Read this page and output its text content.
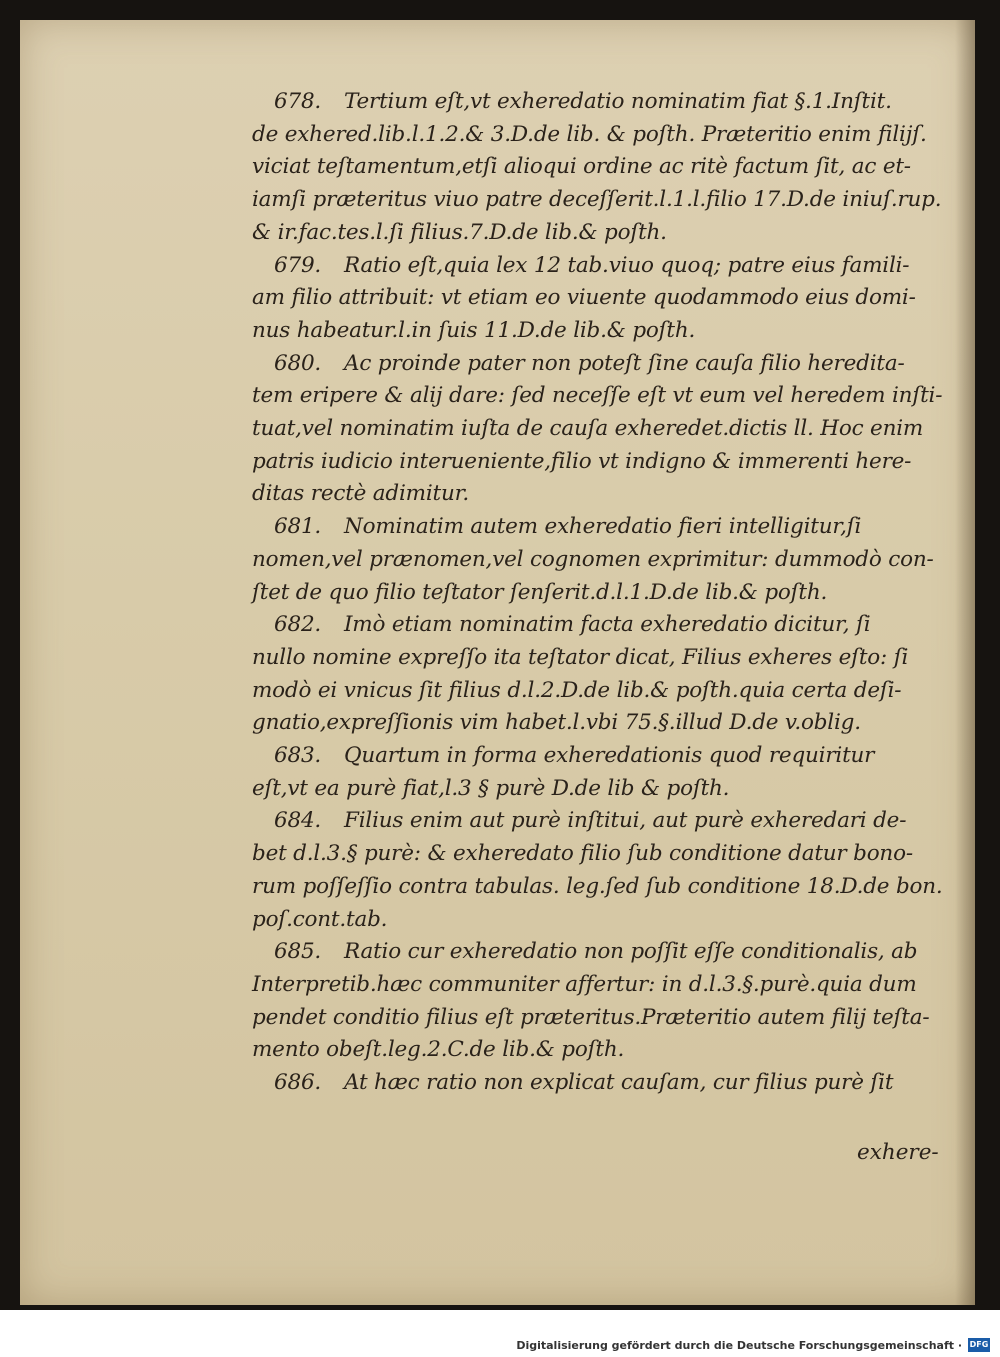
678. Tertium eſt,vt exheredatio nominatim fiat §.1.Inſtit.
de exhered.lib.l.1.2.& 3.D.de lib. & poſth. Præteritio enim filijſ.
viciat teſtamentum,etſi alioqui ordine ac ritè factum ſit, ac et-
iamſi præteritus viuo patre deceſſerit.l.1.l.filio 17.D.de iniuſ.rup.
& ir.fac.tes.l.ſi filius.7.D.de lib.& poſth.
679. Ratio eſt,quia lex 12 tab.viuo quoq; patre eius famili-
am filio attribuit: vt etiam eo viuente quodammodo eius domi-
nus habeatur.l.in ſuis 11.D.de lib.& poſth.
680. Ac proinde pater non poteſt ſine cauſa filio heredita-
tem eripere & alij dare: ſed neceſſe eſt vt eum vel heredem inſti-
tuat,vel nominatim iuſta de cauſa exheredet.dictis ll. Hoc enim
patris iudicio interueniente,filio vt indigno & immerenti here-
ditas rectè adimitur.
681. Nominatim autem exheredatio fieri intelligitur,ſi
nomen,vel prænomen,vel cognomen exprimitur: dummodò con-
ſtet de quo filio teſtator ſenſerit.d.l.1.D.de lib.& poſth.
682. Imò etiam nominatim facta exheredatio dicitur, ſi
nullo nomine expreſſo ita teſtator dicat, Filius exheres eſto: ſi
modò ei vnicus ſit filius d.l.2.D.de lib.& poſth.quia certa deſi-
gnatio,expreſſionis vim habet.l.vbi 75.§.illud D.de v.oblig.
683. Quartum in forma exheredationis quod requiritur
eſt,vt ea purè fiat,l.3 § purè D.de lib & poſth.
684. Filius enim aut purè inſtitui, aut purè exheredari de-
bet d.l.3.§ purè: & exheredato filio ſub conditione datur bono-
rum poſſeſſio contra tabulas. leg.ſed ſub conditione 18.D.de bon.
poſ.cont.tab.
685. Ratio cur exheredatio non poſſit eſſe conditionalis, ab
Interpretib.hæc communiter affertur: in d.l.3.§.purè.quia dum
pendet conditio filius eſt præteritus.Præteritio autem filij teſta-
mento obeſt.leg.2.C.de lib.& poſth.
686. At hæc ratio non explicat cauſam, cur filius purè ſit
exhere-
Digitalisierung gefördert durch die Deutsche Forschungsgemeinschaft · DFG
